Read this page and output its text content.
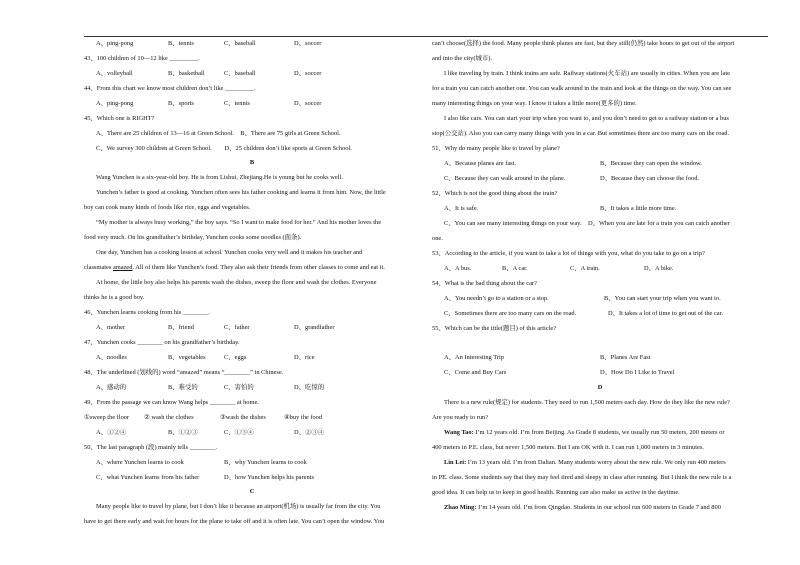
A、ping-pong	B、tennis	C、baseball	D、soccer
43、100 children of 10—12 like _________.
A、volleyball	B、basketball	C、baseball	D、soccer
44、From this chart we know most children don’t like _________.
A、ping-pong	B、sports	C、tennis	D、soccer
45、Which one is RIGHT?
A、There are 25 children of 13—16 at Green School.　B、There are 75 girls at Green School.
C、We survey 300 children at Green School.　　D、25 children don’t like sports at Green School.
B
Wang Yunchen is a six-year-old boy. He is from Lishui, Zhejiang.He is young but he cooks well.
Yunchen’s father is good at cooking. Yunchen often sees his father cooking and learns it from him. Now, the little
boy can cook many kinds of foods like rice, eggs and vegetables.
“My mother is always busy working,” the boy says. “So I want to make food for her.” And his mother loves the
food very much. On his grandfather’s birthday, Yunchen cooks some noodles (面条).
One day, Yunchen has a cooking lesson at school. Yunchen cooks very well and it makes his teacher and
classmates amazed. All of them like Yunchen’s food. They also ask their friends from other classes to come and eat it.
At home, the little boy also helps his parents wash the dishes, sweep the floor and wash the clothes. Everyone
thinks he is a good boy.
46、Yunchen learns cooking from his ________.
A、mother	B、friend	C、father	D、grandfather
47、Yunchen cooks ________ on his grandfather’s birthday.
A、noodles	B、vegetables	C、eggs	D、rice
48、The underlined (划线的) word “amazed” means “________” in Chinese.
A、感动的	B、难受的	C、害怕的	D、吃惊的
49、From the passage we can know Wang helps ________ at home.
①sweep the floor ② wash the clothes	③wash the dishes	④buy the food
A、①②④	B、①②③	C、①③④	D、②③④
50、The last paragraph (段) mainly tells ________.
A、where Yunchen learns to cook	B、why Yunchen learns to cook
C、what Yunchen learns from his father	D、how Yunchen helps his parents
C
Many people like to travel by plane, but I don’t like it because an airport(机场) is usually far from the city. You
have to get there early and wait for hours for the plane to take off and it is often late. You can’t open the window. You
can’t choose(选择) the food. Many people think planes are fast, but they still(仍然) take hours to get out of the airport
and into the city(城市).
I like traveling by train. I think trains are safe. Railway stations(火车站) are usually in cities. When you are late
for a train you can catch another one. You can walk around in the train and look at the things on the way. You can see
many interesting things on your way. I know it takes a little more(更多的) time.
I also like cars. You can start your trip when you want to, and you don’t need to get to a railway station or a bus
stop(公交站). Also you can carry many things with you in a car. But sometimes there are too many cars on the road.
51、Why do many people like to travel by plane?
A、Because planes are fast.	B、Because they can open the window.
C、Because they can walk around in the plane.	D、Because they can choose the food.
52、Which is not the good thing about the train?
A、It is safe.	B、It takes a little more time.
C、You can see many interesting things on your way.　D、When you are late for a train you can catch another
one.
53、According to the article, if you want to take a lot of things with you, what do you take to go on a trip?
A、A bus.	B、A car.	C、A train.	D、A bike.
54、What is the bad thing about the car?
A、You needn’t go to a station or a stop.	B、You can start your trip when you want to.
C、Sometimes there are too many cars on the road.	D、It takes a lot of time to get out of the car.
55、Which can be the title(题目) of this article?
A、An Interesting Trip	B、Planes Are Fast
C、Come and Buy Cars	D、How Do I Like to Travel
D
There is a new rule(规定) for students. They need to run 1,500 meters each day. How do they like the new rule?
Are you ready to run?
Wang Tao: I’m 12 years old. I’m from Beijing. As Grade 8 students, we usually run 50 meters, 200 meters or
400 meters in P.E. class, but never 1,500 meters. But I am OK with it. I can run 1,000 meters in 3 minutes.
Lin Lei: I’m 13 years old. I’m from Dalian. Many students worry about the new rule. We only run 400 meters
in PE. class. Some students say that they may feel tired and sleepy in class after running. But I think the new rule is a
good idea. It can help us to keep in good health. Running can also make us active in the daytime.
Zhao Ming: I’m 14 years old. I’m from Qingdao. Students in our school run 600 meters in Grade 7 and 800
